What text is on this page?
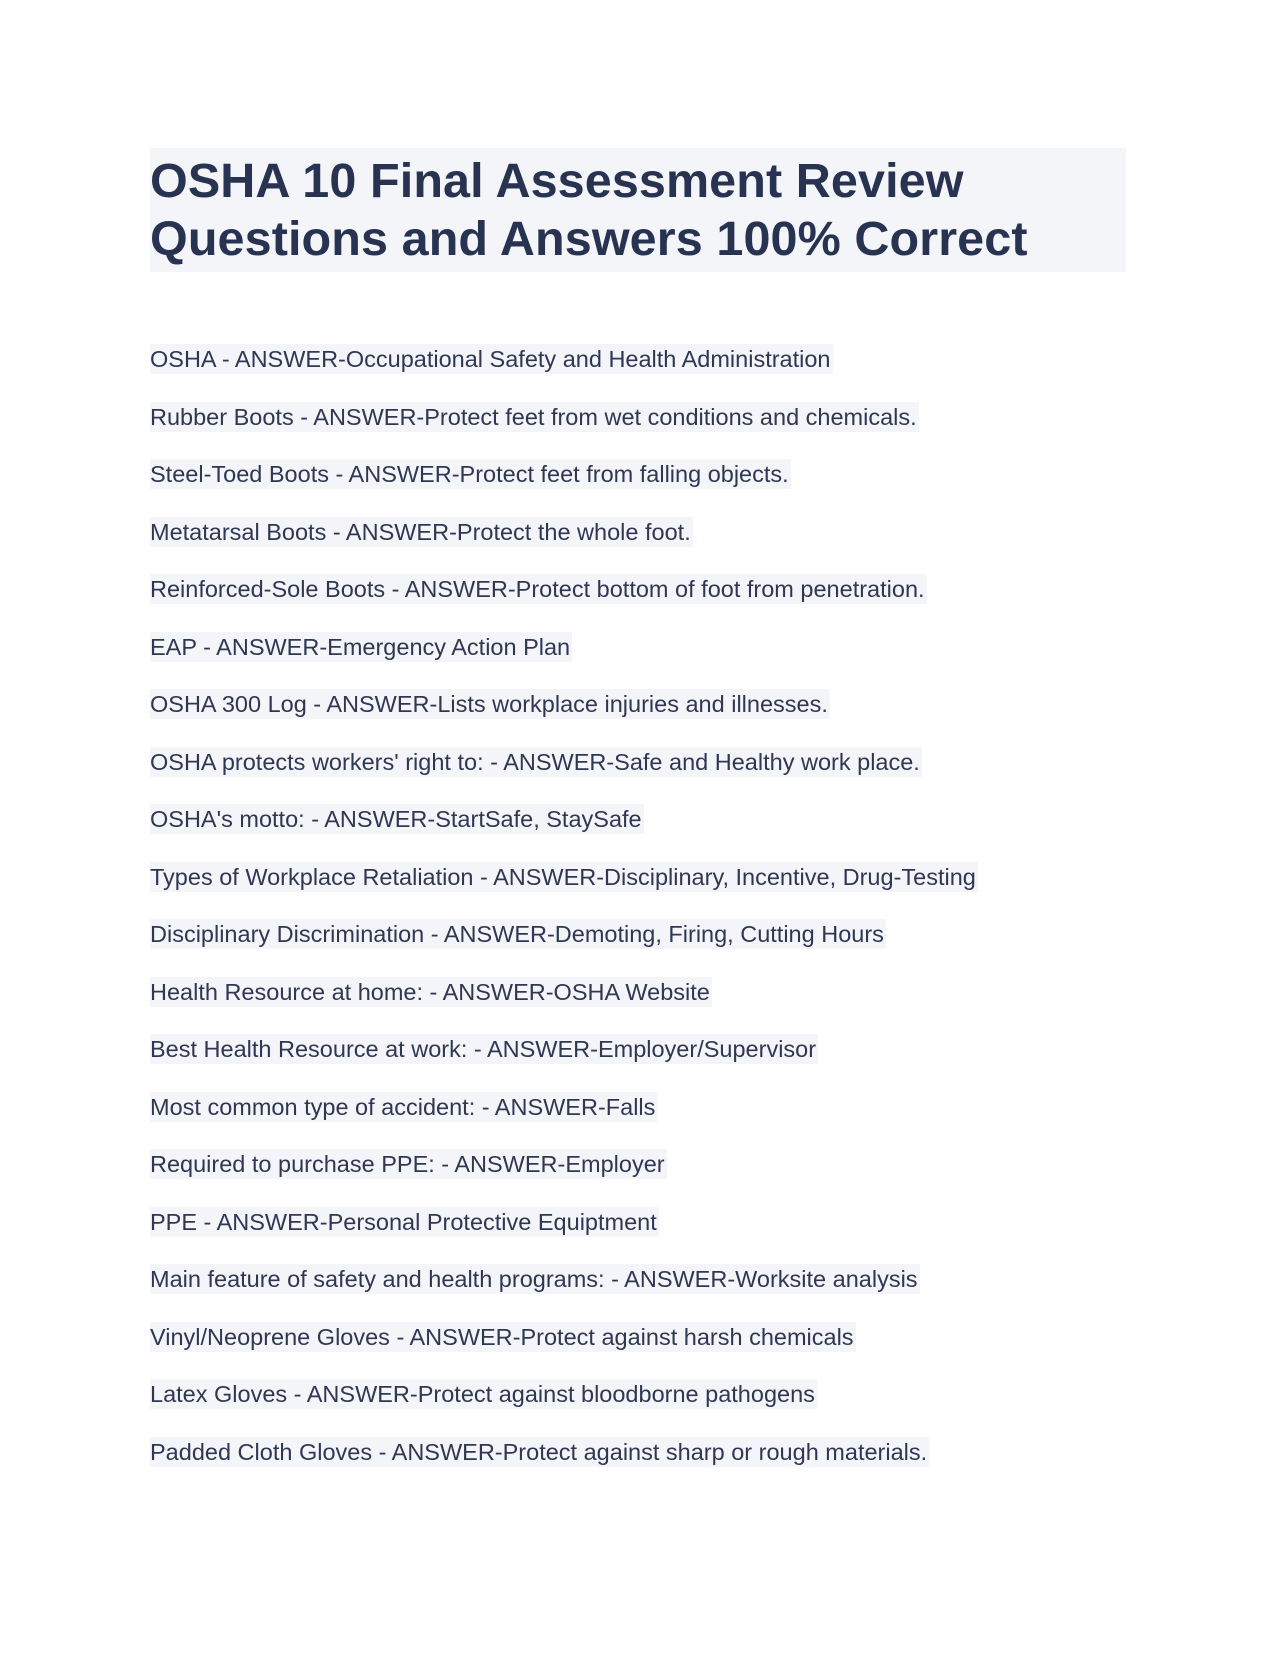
OSHA 10 Final Assessment Review Questions and Answers 100% Correct
OSHA - ANSWER-Occupational Safety and Health Administration
Rubber Boots - ANSWER-Protect feet from wet conditions and chemicals.
Steel-Toed Boots - ANSWER-Protect feet from falling objects.
Metatarsal Boots - ANSWER-Protect the whole foot.
Reinforced-Sole Boots - ANSWER-Protect bottom of foot from penetration.
EAP - ANSWER-Emergency Action Plan
OSHA 300 Log - ANSWER-Lists workplace injuries and illnesses.
OSHA protects workers' right to: - ANSWER-Safe and Healthy work place.
OSHA's motto: - ANSWER-StartSafe, StaySafe
Types of Workplace Retaliation - ANSWER-Disciplinary, Incentive, Drug-Testing
Disciplinary Discrimination - ANSWER-Demoting, Firing, Cutting Hours
Health Resource at home: - ANSWER-OSHA Website
Best Health Resource at work: - ANSWER-Employer/Supervisor
Most common type of accident: - ANSWER-Falls
Required to purchase PPE: - ANSWER-Employer
PPE - ANSWER-Personal Protective Equiptment
Main feature of safety and health programs: - ANSWER-Worksite analysis
Vinyl/Neoprene Gloves - ANSWER-Protect against harsh chemicals
Latex Gloves - ANSWER-Protect against bloodborne pathogens
Padded Cloth Gloves - ANSWER-Protect against sharp or rough materials.
